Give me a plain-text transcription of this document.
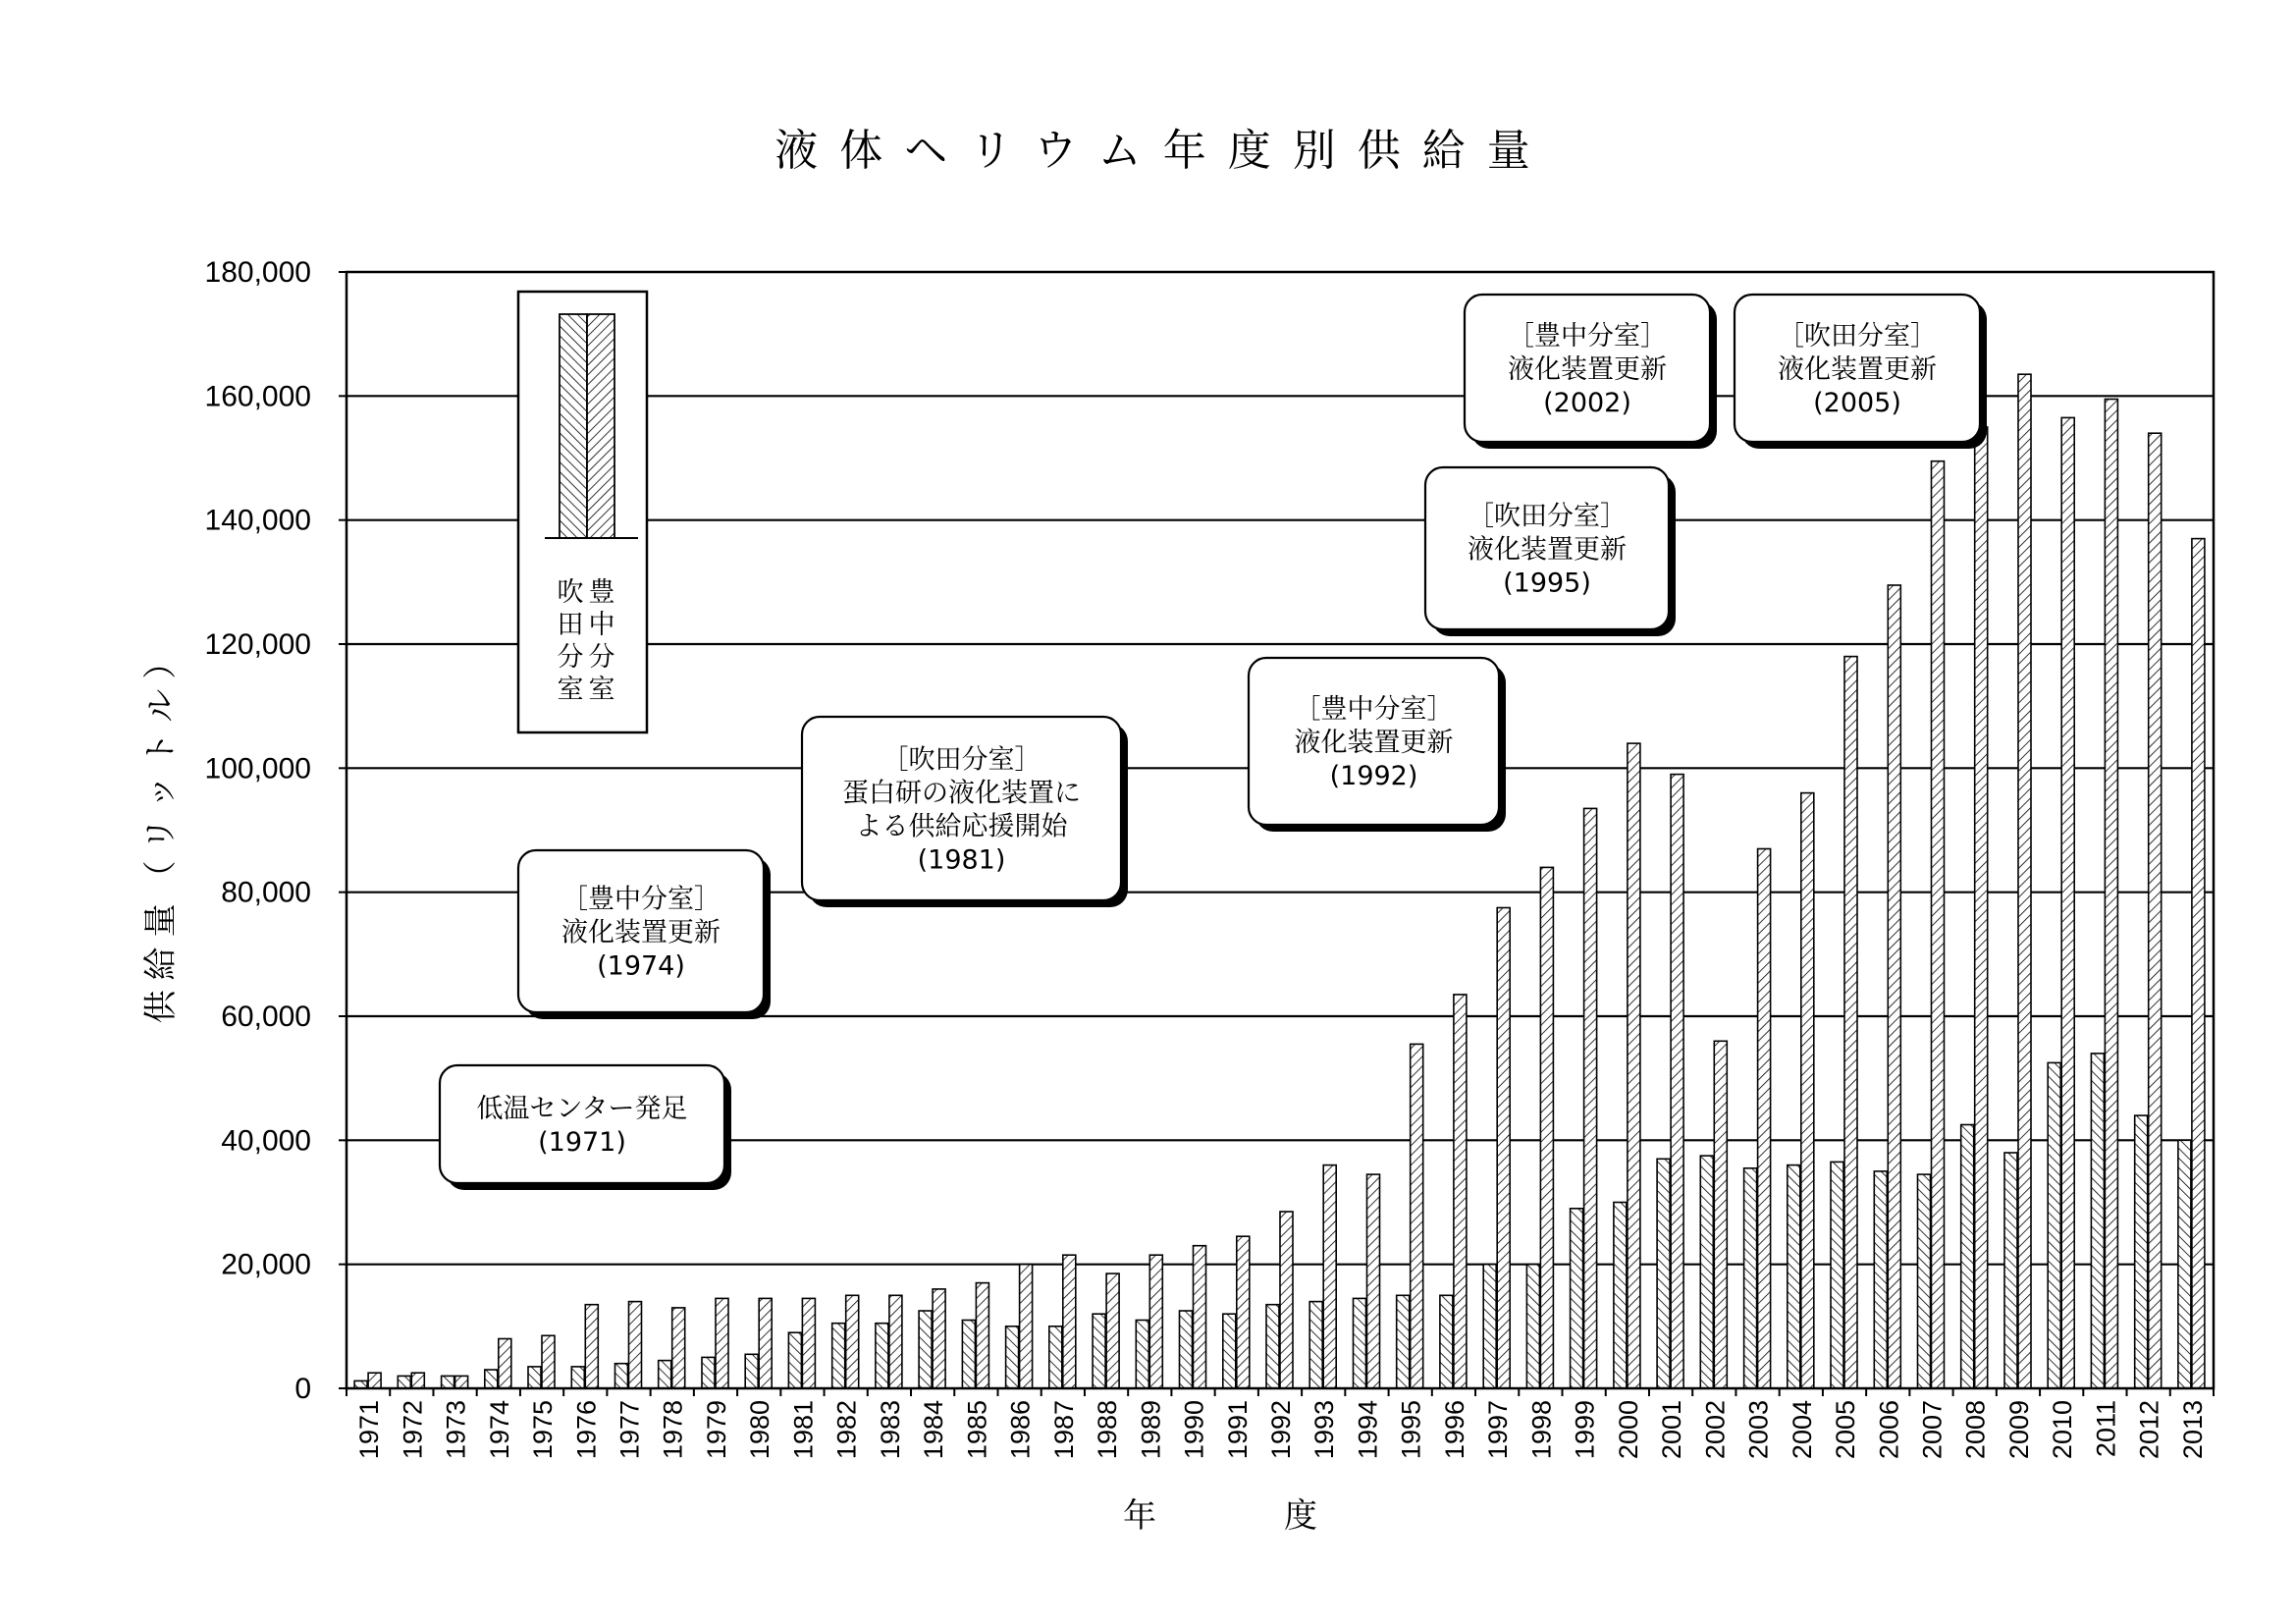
液体ヘリウム年度別供給量
0
20,000
40,000
60,000
80,000
100,000
120,000
140,000
160,000
180,000
1971 1972 1973 1974 1975 1976 1977 1978 1979 1980 1981 1982 1983 1984 1985 1986 1987 1988 1989 1990 1991 1992 1993 1994 1995 1996 1997 1998 1999 2000 2001 2002 2003 2004 2005 2006 2007 2008 2009 2010 2011 2012 2013
年度
供給量（リットル）	吹田分室 豊中分室
低温センター発足
(1971)
［豊中分室］
液化装置更新
(1974)
［吹田分室］
蛋白研の液化装置に
よる供給応援開始
(1981)
［豊中分室］
液化装置更新
(1992)
［吹田分室］
液化装置更新
(1995)
［豊中分室］
液化装置更新
(2002)
［吹田分室］
液化装置更新
(2005)
